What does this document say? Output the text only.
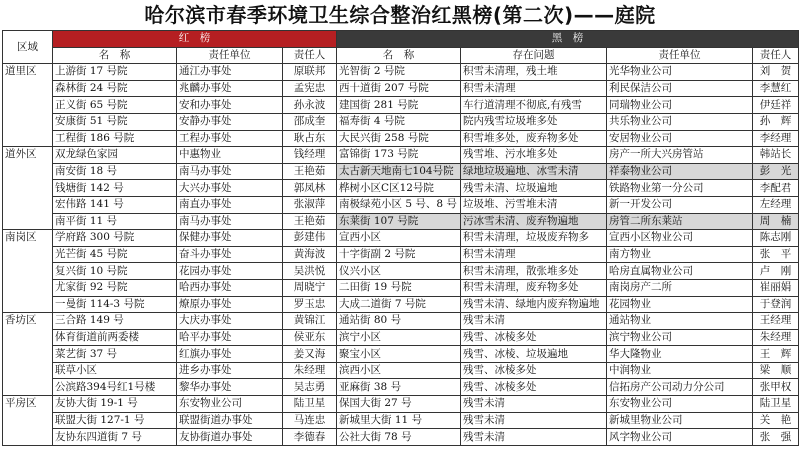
哈尔滨市春季环境卫生综合整治红黑榜(第二次)——庭院
区域	红　榜			黑　榜			
	名　称	责任单位	责任人	名　称	存在问题	责任单位	责任人
道里区	上游街 17 号院	通江办事处	原联邦	光智街 2 号院	积雪未清理，残土堆	光华物业公司	刘　贺
	森林街 24 号院	兆麟办事处	孟宪忠	西十道街 207 号院	积雪未清理	利民保洁公司	李慧红
	正义街 65 号院	安和办事处	孙永波	建国街 281 号院	车行道清理不彻底,有残雪	同瑞物业公司	伊廷祥
	安康街 51 号院	安静办事处	邵成奎	福寿街 4 号院	院内残雪垃圾堆多处	共乐物业公司	孙　辉
	工程街 186 号院	工程办事处	耿占东	大民兴街 258 号院	积雪堆多处，废弃物多处	安居物业公司	李经理
道外区	双龙绿色家园	中惠物业	钱经理	富锦街 173 号院	残雪堆、污水堆多处	房产一所大兴房管站	韩站长
	南安街 18 号	南马办事处	王艳茹	太古新天地南七104号院	绿地垃圾遍地、冰雪未清	祥泰物业公司	彭　光
	钱塘街 142 号	大兴办事处	郭凤林	桦树小区C区12号院	残雪未清、垃圾遍地	铁路物业第一分公司	李配君
	宏伟路 141 号	南直办事处	张淑萍	南极绿苑小区 5 号、8 号	垃圾堆、污雪堆未清	新一开发公司	左经理
	南平街 11 号	南马办事处	王艳茹	东莱街 107 号院	污冰雪未清、废弃物遍地	房管二所东莱站	周　楠
南岗区	学府路 300 号院	保健办事处	彭建伟	宣西小区	积雪未清理，垃圾废弃物多	宣西小区物业公司	陈志刚
	光芒街 45 号院	奋斗办事处	黄海波	十字街副 2 号院	积雪未清理	南方物业	张　平
	复兴街 10 号院	花园办事处	吴洪悦	仪兴小区	积雪未清理，散张堆多处	哈房直属物业公司	卢　刚
	尤家街 92 号院	哈西办事处	周晓宁	二田街 19 号院	积雪未清理，废弃物多处	南岗房产二所	崔丽娟
	一曼街 114-3 号院	燎原办事处	罗玉忠	大成二道街 7 号院	残雪未清、绿地内废弃物遍地	花园物业	于登润
香坊区	三合路 149 号	大庆办事处	黄锦江	通站街 80 号	残雪未清	通站物业	王经理
	体育街道前两委楼	哈平办事处	侯亚东	滨宁小区	残雪、冰棱多处	滨宁物业公司	朱经理
	菜艺街 37 号	红旗办事处	姜又海	聚宝小区	残雪、冰棱、垃圾遍地	华大隆物业	王　辉
	联草小区	进乡办事处	朱经理	滨西小区	残雪、冰棱多处	中润物业	梁　顺
	公滨路394号红1号楼	黎华办事处	吴志勇	亚麻街 38 号	残雪、冰棱多处	信拓房产公司动力分公司	张甲权
平房区	友协大街 19-1 号	东安物业公司	陆卫星	保国大街 27 号	残雪未清	东安物业公司	陆卫星
	联盟大街 127-1 号	联盟街道办事处	马连忠	新城里大街 11 号	残雪未清	新城里物业公司	关　艳
	友协东四道街 7 号	友协街道办事处	李德春	公社大街 78 号	残雪未清	风字物业公司	张　强
